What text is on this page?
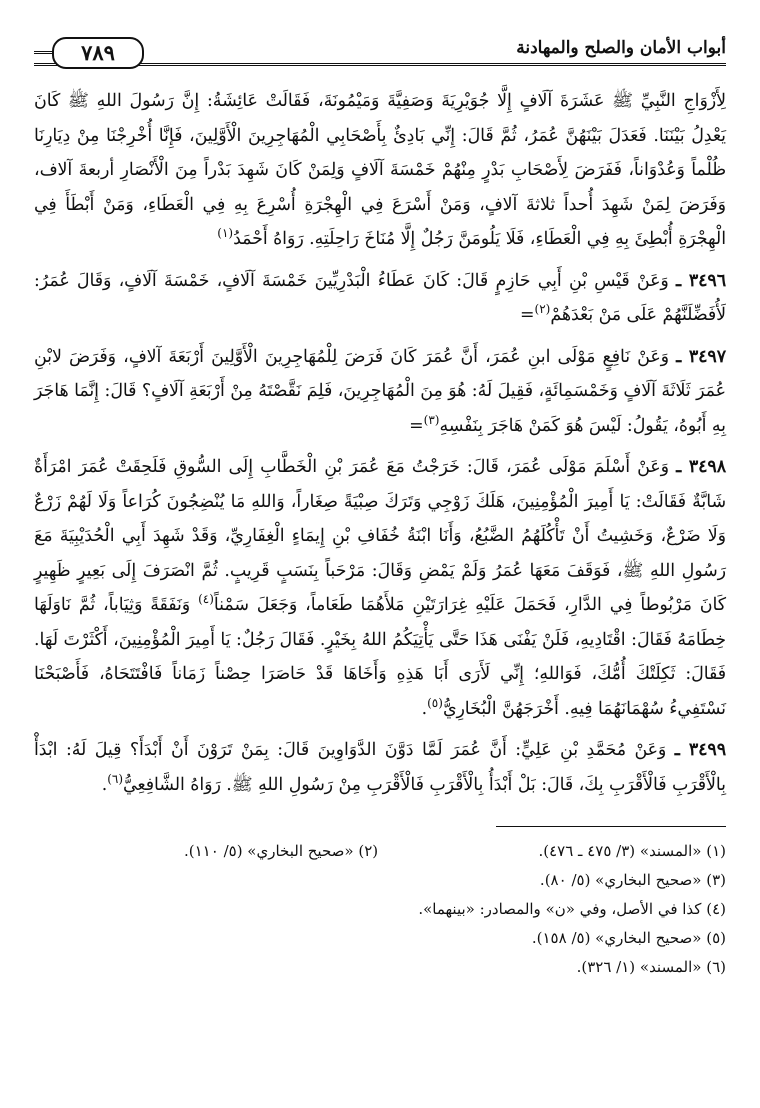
أبواب الأمان والصلح والمهادنة
٧٨٩

لِأَزْوَاجِ النَّبِيِّ ﷺ عَشَرَةَ آلَافٍ إِلَّا جُوَيْرِيَةَ وَصَفِيَّةَ وَمَيْمُونَةَ، فَقَالَتْ عَائِشَةُ: إِنَّ رَسُولَ اللهِ ﷺ كَانَ يَعْدِلُ بَيْنَنَا. فَعَدَلَ بَيْنَهُنَّ عُمَرُ، ثُمَّ قَالَ: إِنِّي بَادِئٌ بِأَصْحَابِي الْمُهَاجِرِينَ الْأَوَّلِينَ، فَإِنَّا أُخْرِجْنَا مِنْ دِيَارِنَا ظُلْماً وَعُدْوَاناً، فَفَرَضَ لِأَصْحَابِ بَدْرٍ مِنْهُمْ خَمْسَةَ آلَافٍ وَلِمَنْ كَانَ شَهِدَ بَدْراً مِنَ الْأَنْصَارِ أربعةَ آلاف، وَفَرَضَ لِمَنْ شَهِدَ أُحداً ثلاثةَ آلافٍ، وَمَنْ أَسْرَعَ فِي الْهِجْرَةِ أُسْرِعَ بِهِ فِي الْعَطَاءِ، وَمَنْ أَبْطَأَ فِي الْهِجْرَةِ أُبْطِئَ بِهِ فِي الْعَطَاءِ، فَلَا يَلُومَنَّ رَجُلٌ إِلَّا مُنَاخَ رَاحِلَتِهِ. رَوَاهُ أَحْمَدُ$^{(١)}$

٣٤٩٦ ـ وَعَنْ قَيْسِ بْنِ أَبِي حَازِمٍ قَالَ: كَانَ عَطَاءُ الْبَدْرِيِّينَ خَمْسَةَ آلَافٍ، خَمْسَةَ آلَافٍ، وَقَالَ عُمَرُ: لَأُفَضِّلَنَّهُمْ عَلَى مَنْ بَعْدَهُمْ$^{(٢)}$=

٣٤٩٧ ـ وَعَنْ نَافِعٍ مَوْلَى ابنِ عُمَرَ، أَنَّ عُمَرَ كَانَ فَرَضَ لِلْمُهَاجِرِينَ الْأَوَّلِينَ أَرْبَعَةَ آلافٍ، وَفَرَضَ لابْنِ عُمَرَ ثَلَاثَةَ آلَافٍ وَخَمْسَمِائَةٍ، فَقِيلَ لَهُ: هُوَ مِنَ الْمُهَاجِرِينَ، فَلِمَ نَقَّصْتَهُ مِنْ أَرْبَعَةِ آلَافٍ؟ قَالَ: إِنَّمَا هَاجَرَ بِهِ أَبُوهُ، يَقُولُ: لَيْسَ هُوَ كَمَنْ هَاجَرَ بِنَفْسِهِ$^{(٣)}$=

٣٤٩٨ ـ وَعَنْ أَسْلَمَ مَوْلَى عُمَرَ، قَالَ: خَرَجْتُ مَعَ عُمَرَ بْنِ الْخَطَّابِ إِلَى السُّوقِ فَلَحِقَتْ عُمَرَ امْرَأَةٌ شَابَّةٌ فَقَالَتْ: يَا أَمِيرَ الْمُؤْمِنِينَ، هَلَكَ زَوْجِي وَتَرَكَ صِبْيَةً صِغَاراً، وَاللهِ مَا يُنْضِجُونَ كُرَاعاً وَلَا لَهُمْ زَرْعٌ وَلَا ضَرْعٌ، وَخَشِيتُ أَنْ تَأْكُلَهُمُ الضَّبُعُ، وَأَنَا ابْنَةُ خُفَافِ بْنِ إِيمَاءٍ الْغِفَارِيِّ، وَقَدْ شَهِدَ أَبِي الْحُدَيْبِيَةَ مَعَ رَسُولِ اللهِ ﷺ، فَوَقَفَ مَعَهَا عُمَرُ وَلَمْ يَمْضِ وَقَالَ: مَرْحَباً بِنَسَبٍ قَرِيبٍ. ثُمَّ انْصَرَفَ إِلَى بَعِيرٍ ظَهِيرٍ كَانَ مَرْبُوطاً فِي الدَّارِ، فَحَمَلَ عَلَيْهِ غِرَارَتَيْنِ مَلأَهُمَا طَعَاماً، وَجَعَلَ سَمْناً$^{(٤)}$ وَنَفَقَةً وَثِيَاباً، ثُمَّ نَاوَلَهَا خِطَامَهُ فَقَالَ: اقْتَادِيهِ، فَلَنْ يَفْنَى هَذَا حَتَّى يَأْتِيَكُمُ اللهُ بِخَيْرٍ. فَقَالَ رَجُلٌ: يَا أَمِيرَ الْمُؤْمِنِينَ، أَكْثَرْتَ لَهَا. فَقَالَ: ثَكِلَتْكَ أُمُّكَ، فَوَاللهِ؛ إِنِّي لَأَرَى أَبَا هَذِهِ وَأَخَاهَا قَدْ حَاصَرَا حِصْناً زَمَاناً فَافْتَتَحَاهُ، فَأَصْبَحْنَا نَسْتَفِيءُ سُهْمَانَهُمَا فِيهِ. أَخْرَجَهُنَّ الْبُخَارِيُّ$^{(٥)}$.

٣٤٩٩ ـ وَعَنْ مُحَمَّدِ بْنِ عَلِيٍّ: أَنَّ عُمَرَ لَمَّا دَوَّنَ الدَّوَاوِينَ قَالَ: بِمَنْ تَرَوْنَ أَنْ أَبْدَأَ؟ قِيلَ لَهُ: ابْدَأْ بِالْأَقْرَبِ فَالْأَقْرَبِ بِكَ، قَالَ: بَلْ أَبْدَأُ بِالْأَقْرَبِ فَالْأَقْرَبِ مِنْ رَسُولِ اللهِ ﷺ. رَوَاهُ الشَّافِعِيُّ$^{(٦)}$.

(١) «المسند» (٣/ ٤٧٥ ـ ٤٧٦).
(٢) «صحيح البخاري» (٥/ ١١٠).
(٣) «صحيح البخاري» (٥/ ٨٠).
(٤) كذا في الأصل، وفي «ن» والمصادر: «بينهما».
(٥) «صحيح البخاري» (٥/ ١٥٨).
(٦) «المسند» (١/ ٣٢٦).
